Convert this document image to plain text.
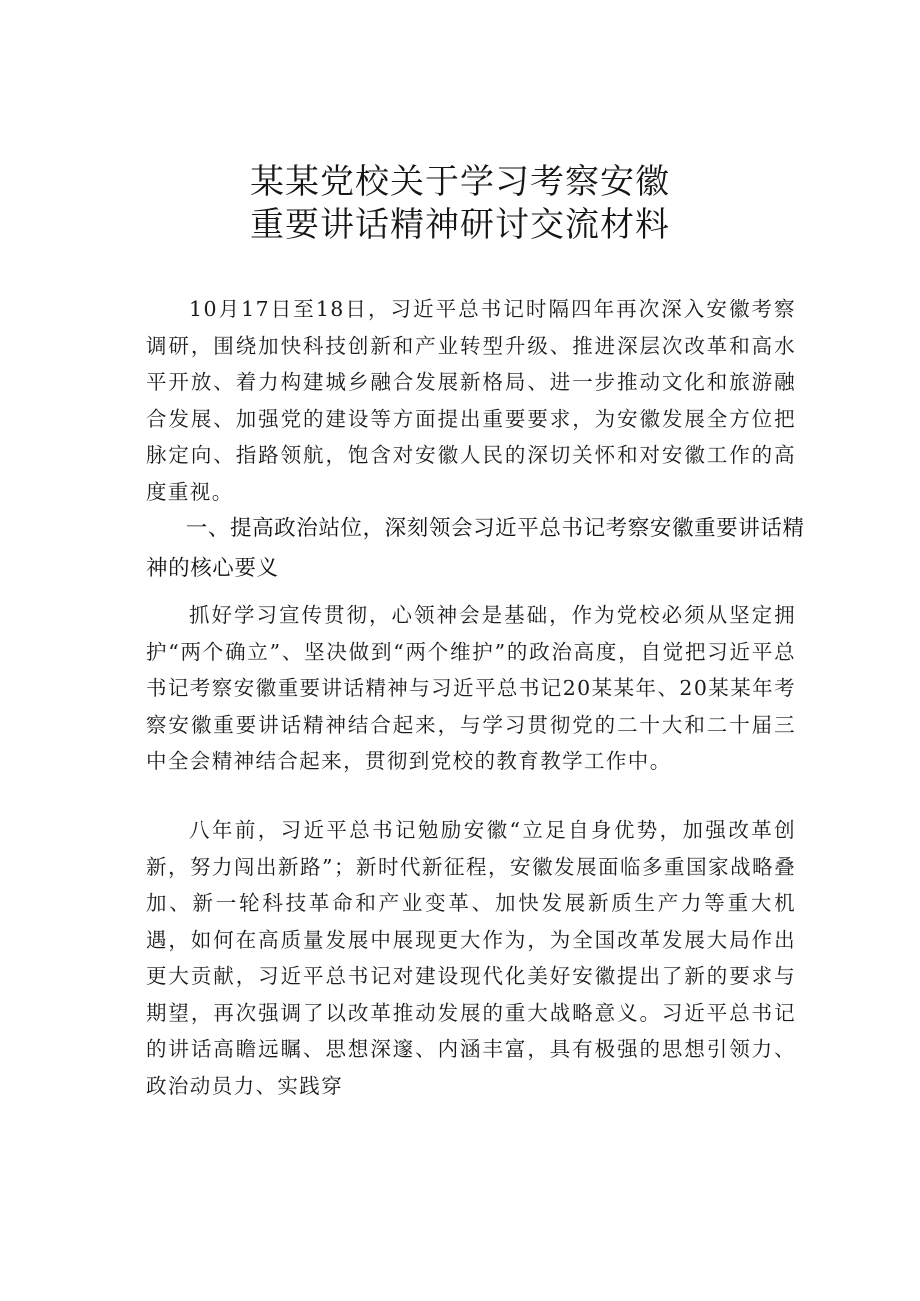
某某党校关于学习考察安徽
重要讲话精神研讨交流材料

10月17日至18日，习近平总书记时隔四年再次深入安徽考察调研，围绕加快科技创新和产业转型升级、推进深层次改革和高水平开放、着力构建城乡融合发展新格局、进一步推动文化和旅游融合发展、加强党的建设等方面提出重要要求，为安徽发展全方位把脉定向、指路领航，饱含对安徽人民的深切关怀和对安徽工作的高度重视。

一、提高政治站位，深刻领会习近平总书记考察安徽重要讲话精神的核心要义

抓好学习宣传贯彻，心领神会是基础，作为党校必须从坚定拥护“两个确立”、坚决做到“两个维护”的政治高度，自觉把习近平总书记考察安徽重要讲话精神与习近平总书记20某某年、20某某年考察安徽重要讲话精神结合起来，与学习贯彻党的二十大和二十届三中全会精神结合起来，贯彻到党校的教育教学工作中。

八年前，习近平总书记勉励安徽“立足自身优势，加强改革创新，努力闯出新路”；新时代新征程，安徽发展面临多重国家战略叠加、新一轮科技革命和产业变革、加快发展新质生产力等重大机遇，如何在高质量发展中展现更大作为，为全国改革发展大局作出更大贡献，习近平总书记对建设现代化美好安徽提出了新的要求与期望，再次强调了以改革推动发展的重大战略意义。习近平总书记的讲话高瞻远瞩、思想深邃、内涵丰富，具有极强的思想引领力、政治动员力、实践穿
